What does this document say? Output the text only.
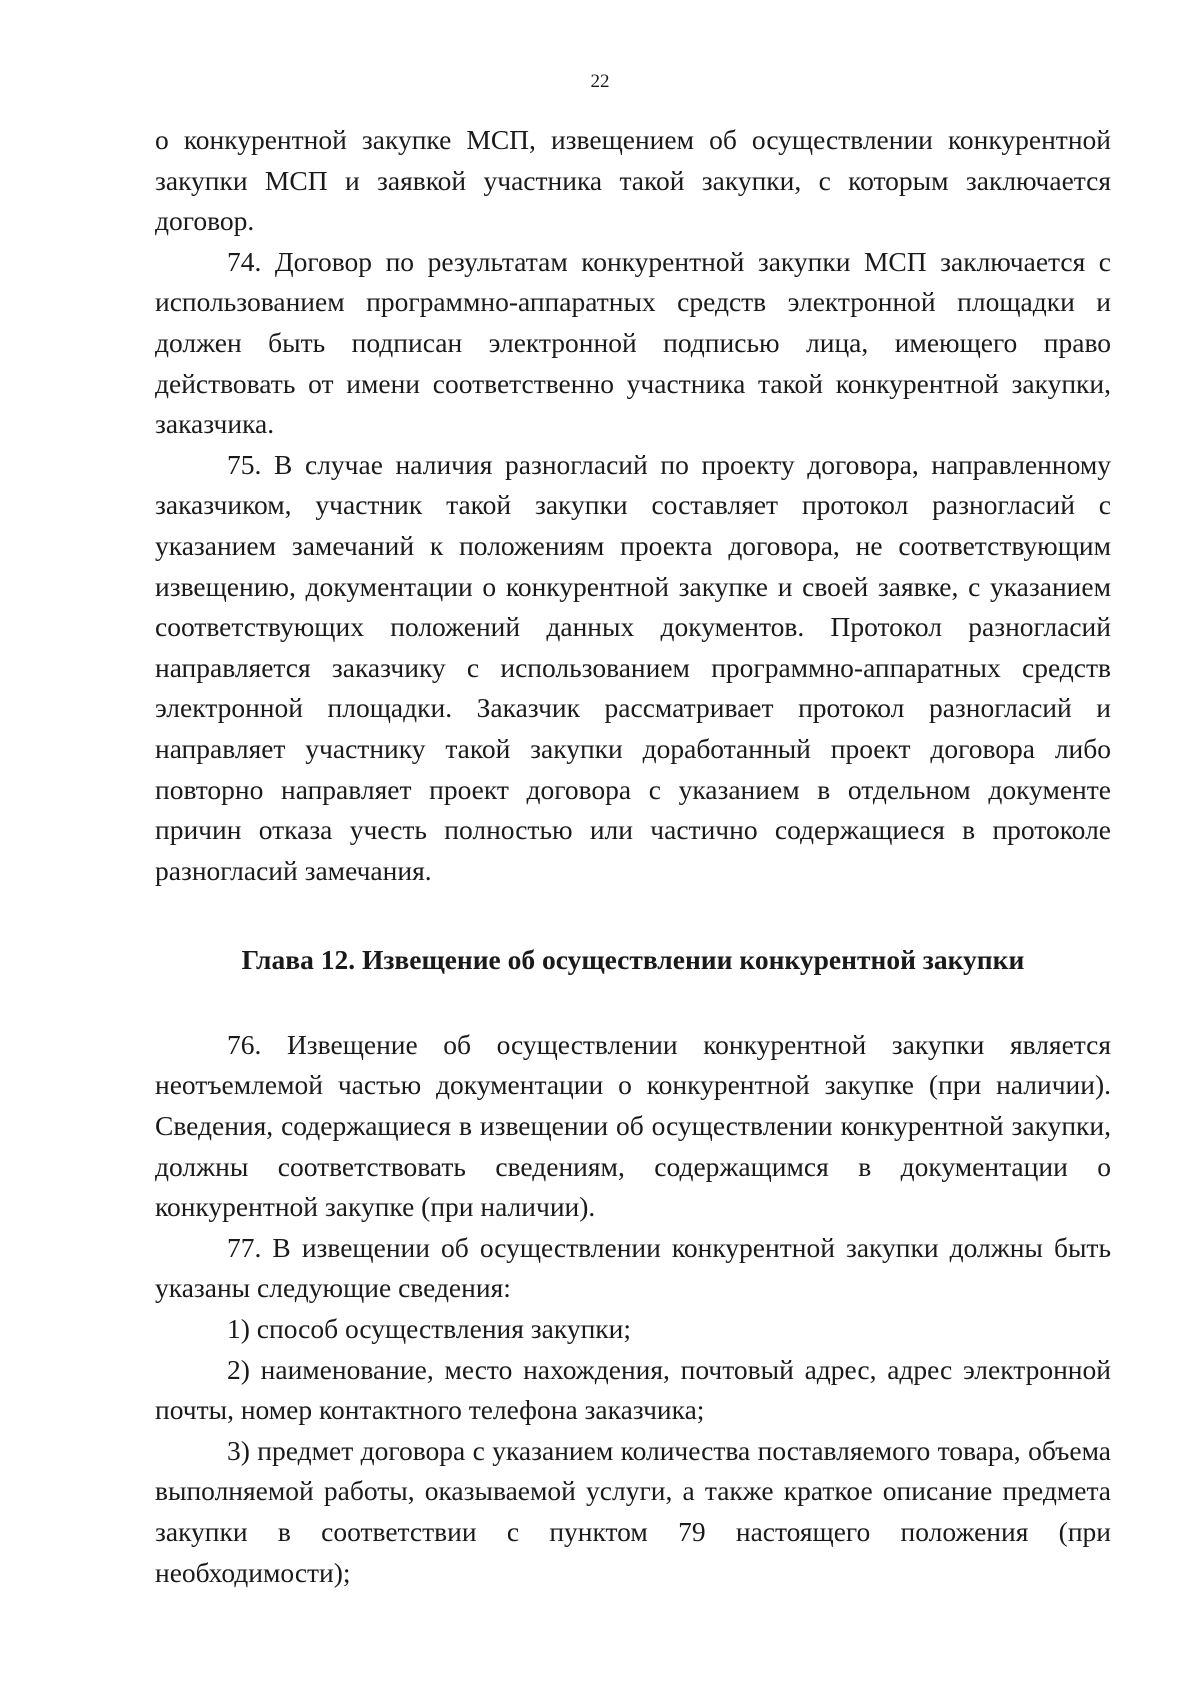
22

о конкурентной закупке МСП, извещением об осуществлении конкурентной закупки МСП и заявкой участника такой закупки, с которым заключается договор.

74. Договор по результатам конкурентной закупки МСП заключается с использованием программно-аппаратных средств электронной площадки и должен быть подписан электронной подписью лица, имеющего право действовать от имени соответственно участника такой конкурентной закупки, заказчика.

75. В случае наличия разногласий по проекту договора, направленному заказчиком, участник такой закупки составляет протокол разногласий с указанием замечаний к положениям проекта договора, не соответствующим извещению, документации о конкурентной закупке и своей заявке, с указанием соответствующих положений данных документов. Протокол разногласий направляется заказчику с использованием программно-аппаратных средств электронной площадки. Заказчик рассматривает протокол разногласий и направляет участнику такой закупки доработанный проект договора либо повторно направляет проект договора с указанием в отдельном документе причин отказа учесть полностью или частично содержащиеся в протоколе разногласий замечания.

Глава 12. Извещение об осуществлении конкурентной закупки

76. Извещение об осуществлении конкурентной закупки является неотъемлемой частью документации о конкурентной закупке (при наличии). Сведения, содержащиеся в извещении об осуществлении конкурентной закупки, должны соответствовать сведениям, содержащимся в документации о конкурентной закупке (при наличии).

77. В извещении об осуществлении конкурентной закупки должны быть указаны следующие сведения:

1) способ осуществления закупки;

2) наименование, место нахождения, почтовый адрес, адрес электронной почты, номер контактного телефона заказчика;

3) предмет договора с указанием количества поставляемого товара, объема выполняемой работы, оказываемой услуги, а также краткое описание предмета закупки в соответствии с пунктом 79 настоящего положения (при необходимости);
